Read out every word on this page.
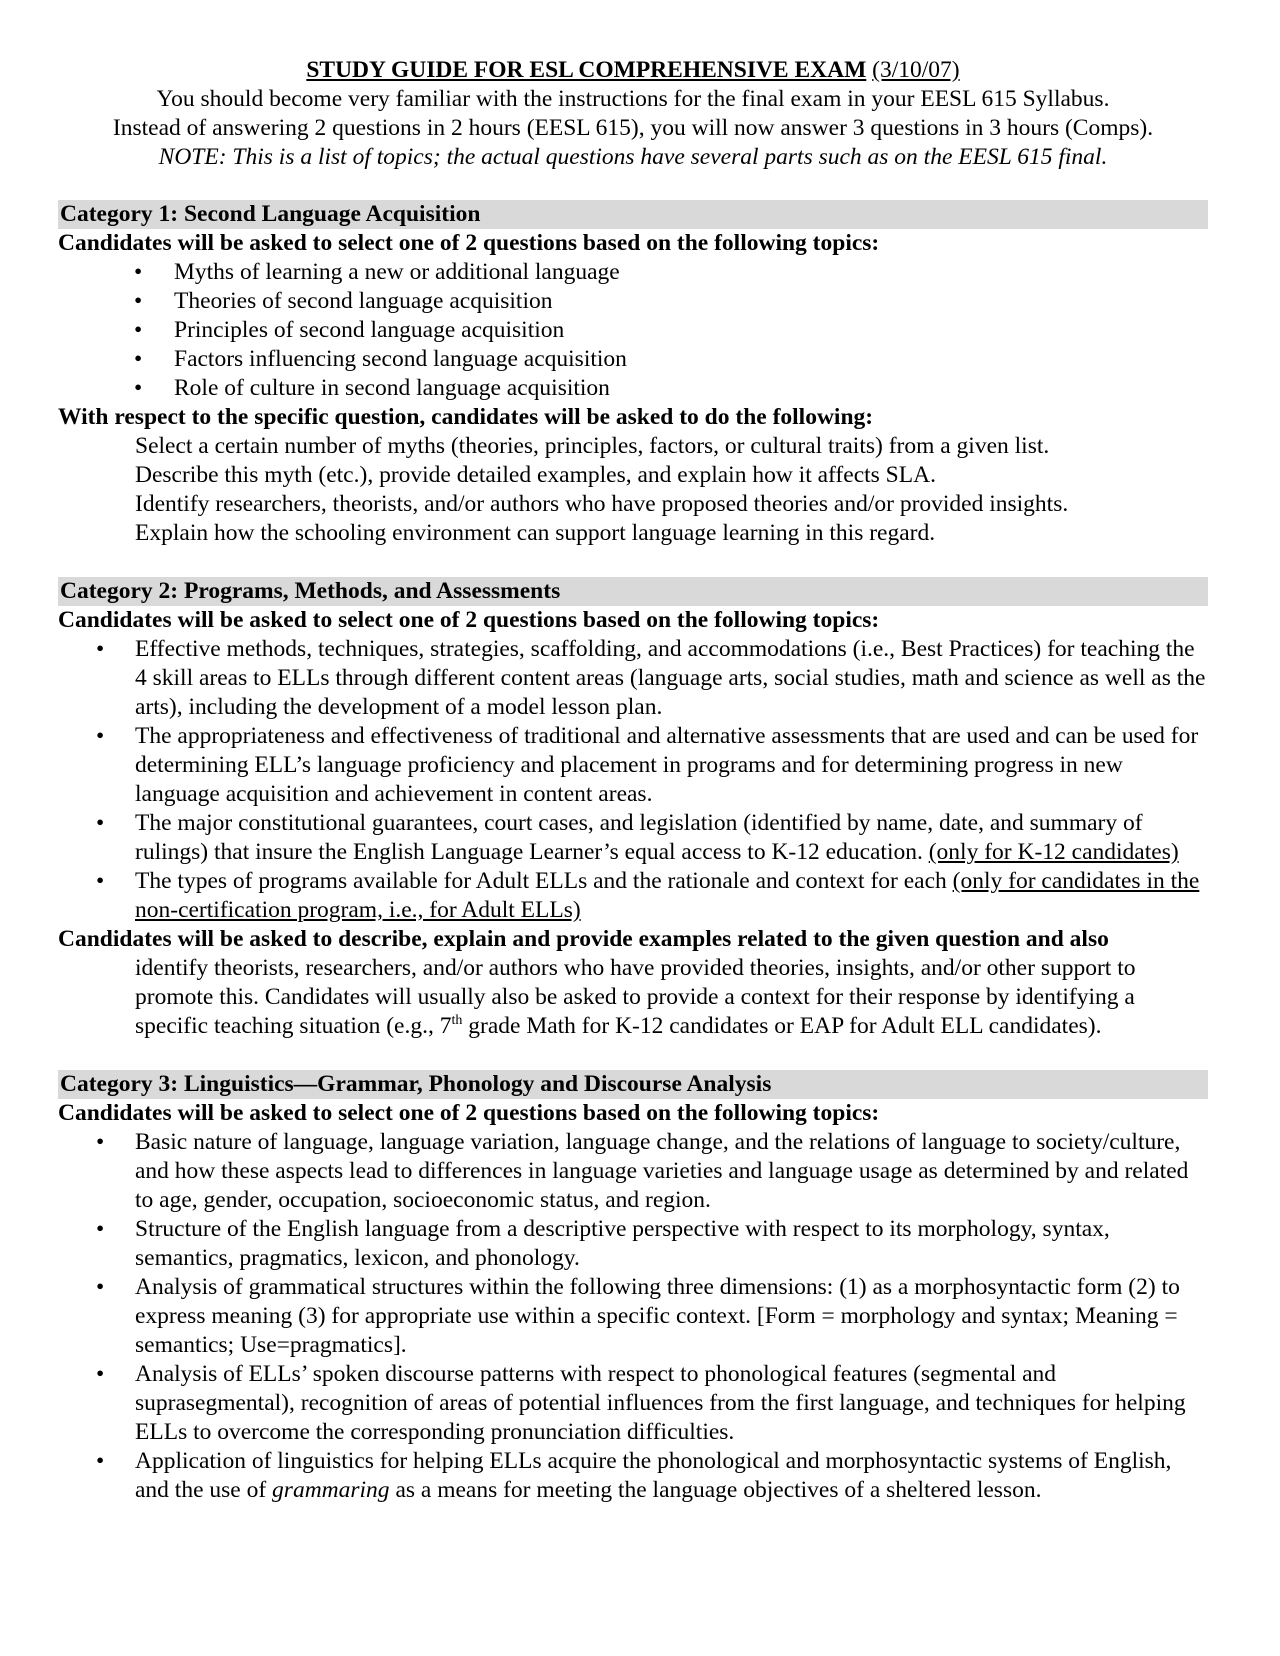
STUDY GUIDE FOR ESL COMPREHENSIVE EXAM (3/10/07)
You should become very familiar with the instructions for the final exam in your EESL 615 Syllabus.
Instead of answering 2 questions in 2 hours (EESL 615), you will now answer 3 questions in 3 hours (Comps).
NOTE: This is a list of topics; the actual questions have several parts such as on the EESL 615 final.
Category 1: Second Language Acquisition
Candidates will be asked to select one of 2 questions based on the following topics:
• Myths of learning a new or additional language
• Theories of second language acquisition
• Principles of second language acquisition
• Factors influencing second language acquisition
• Role of culture in second language acquisition
With respect to the specific question, candidates will be asked to do the following:
Select a certain number of myths (theories, principles, factors, or cultural traits) from a given list.
Describe this myth (etc.), provide detailed examples, and explain how it affects SLA.
Identify researchers, theorists, and/or authors who have proposed theories and/or provided insights.
Explain how the schooling environment can support language learning in this regard.
Category 2: Programs, Methods, and Assessments
Candidates will be asked to select one of 2 questions based on the following topics:
• Effective methods, techniques, strategies, scaffolding, and accommodations (i.e., Best Practices) for teaching the 4 skill areas to ELLs through different content areas (language arts, social studies, math and science as well as the arts), including the development of a model lesson plan.
• The appropriateness and effectiveness of traditional and alternative assessments that are used and can be used for determining ELL’s language proficiency and placement in programs and for determining progress in new language acquisition and achievement in content areas.
• The major constitutional guarantees, court cases, and legislation (identified by name, date, and summary of rulings) that insure the English Language Learner’s equal access to K-12 education. (only for K-12 candidates)
• The types of programs available for Adult ELLs and the rationale and context for each (only for candidates in the non-certification program, i.e., for Adult ELLs)
Candidates will be asked to describe, explain and provide examples related to the given question and also
identify theorists, researchers, and/or authors who have provided theories, insights, and/or other support to promote this. Candidates will usually also be asked to provide a context for their response by identifying a specific teaching situation (e.g., 7th grade Math for K-12 candidates or EAP for Adult ELL candidates).
Category 3: Linguistics—Grammar, Phonology and Discourse Analysis
Candidates will be asked to select one of 2 questions based on the following topics:
• Basic nature of language, language variation, language change, and the relations of language to society/culture, and how these aspects lead to differences in language varieties and language usage as determined by and related to age, gender, occupation, socioeconomic status, and region.
• Structure of the English language from a descriptive perspective with respect to its morphology, syntax, semantics, pragmatics, lexicon, and phonology.
• Analysis of grammatical structures within the following three dimensions: (1) as a morphosyntactic form (2) to express meaning (3) for appropriate use within a specific context. [Form = morphology and syntax; Meaning = semantics; Use=pragmatics].
• Analysis of ELLs’ spoken discourse patterns with respect to phonological features (segmental and suprasegmental), recognition of areas of potential influences from the first language, and techniques for helping ELLs to overcome the corresponding pronunciation difficulties.
• Application of linguistics for helping ELLs acquire the phonological and morphosyntactic systems of English, and the use of grammaring as a means for meeting the language objectives of a sheltered lesson.
